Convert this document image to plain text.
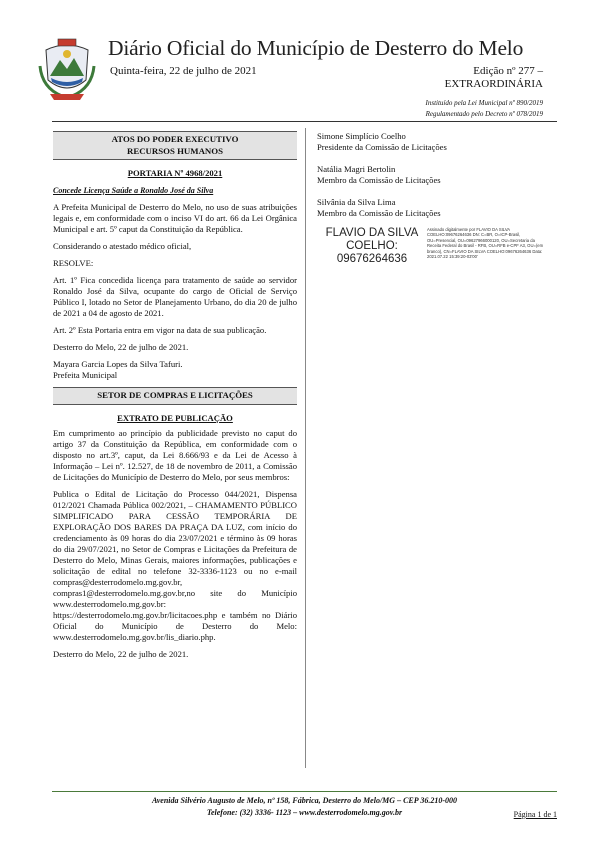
Diário Oficial do Município de Desterro do Melo
Quinta-feira, 22 de julho de 2021	Edição nº 277 –
EXTRAORDINÁRIA
Instituído pela Lei Municipal nº 890/2019
Regulamentado pelo Decreto nº 078/2019
ATOS DO PODER EXECUTIVO
RECURSOS HUMANOS
PORTARIA Nº 4968/2021
Concede Licença Saúde a Ronaldo José da Silva

A Prefeita Municipal de Desterro do Melo, no uso de suas atribuições legais e, em conformidade com o inciso VI do art. 66 da Lei Orgânica Municipal e art. 5º caput da Constituição da República.

Considerando o atestado médico oficial,

RESOLVE:

Art. 1º Fica concedida licença para tratamento de saúde ao servidor Ronaldo José da Silva, ocupante do cargo de Oficial de Serviço Público I, lotado no Setor de Planejamento Urbano, do dia 20 de julho de 2021 a 04 de agosto de 2021.

Art. 2º Esta Portaria entra em vigor na data de sua publicação.

Desterro do Melo, 22 de julho de 2021.

Mayara Garcia Lopes da Silva Tafuri.

Prefeita Municipal

SETOR DE COMPRAS E LICITAÇÕES
EXTRATO DE PUBLICAÇÃO

Em cumprimento ao princípio da publicidade previsto no caput do artigo 37 da Constituição da República, em conformidade com o disposto no art.3º, caput, da Lei 8.666/93 e da Lei de Acesso à Informação – Lei nº. 12.527, de 18 de novembro de 2011, a Comissão de Licitações do Município de Desterro do Melo, por seus membros:

Publica o Edital de Licitação do Processo 044/2021, Dispensa 012/2021 Chamada Pública 002/2021, – CHAMAMENTO PÚBLICO SIMPLIFICADO PARA CESSÃO TEMPORÁRIA DE EXPLORAÇÃO DOS BARES DA PRAÇA DA LUZ, com início do credenciamento às 09 horas do dia 23/07/2021 e término às 09 horas do dia 29/07/2021, no Setor de Compras e Licitações da Prefeitura de Desterro do Melo, Minas Gerais, maiores informações, publicações e solicitação de edital no telefone 32-3336-1123 ou no e-mail compras@desterrodomelo.mg.gov.br, compras1@desterrodomelo.mg.gov.br,no site do Município www.desterrodomelo.mg.gov.br: https://desterrodomelo.mg.gov.br/licitacoes.php e também no Diário Oficial do Município de Desterro do Melo: www.desterrodomelo.mg.gov.br/lis_diario.php.

Desterro do Melo, 22 de julho de 2021.

Simone Simplício Coelho

Presidente da Comissão de Licitações

Natália Magri Bertolin

Membro da Comissão de Licitações

Silvânia da Silva Lima

Membro da Comissão de Licitações

FLAVIO DA SILVA
COELHO:
09676264636
Assinado digitalmente por FLAVIO DA SILVA COELHO:09676264636 DN: C=BR, O=ICP-Brasil, OU=Presencial, OU=09627966000120, OU=Secretaria da Receita Federal do Brasil - RFB, OU=RFB e-CPF A3, OU=(em branco), CN=FLAVIO DA SILVA COELHO:09676264636 Data: 2021.07.22 15:39:20-03'00'
Avenida Silvério Augusto de Melo, nº 158, Fábrica, Desterro do Melo/MG – CEP 36.210-000
Telefone: (32) 3336- 1123 – www.desterrodomelo.mg.gov.br	Página 1 de 1
